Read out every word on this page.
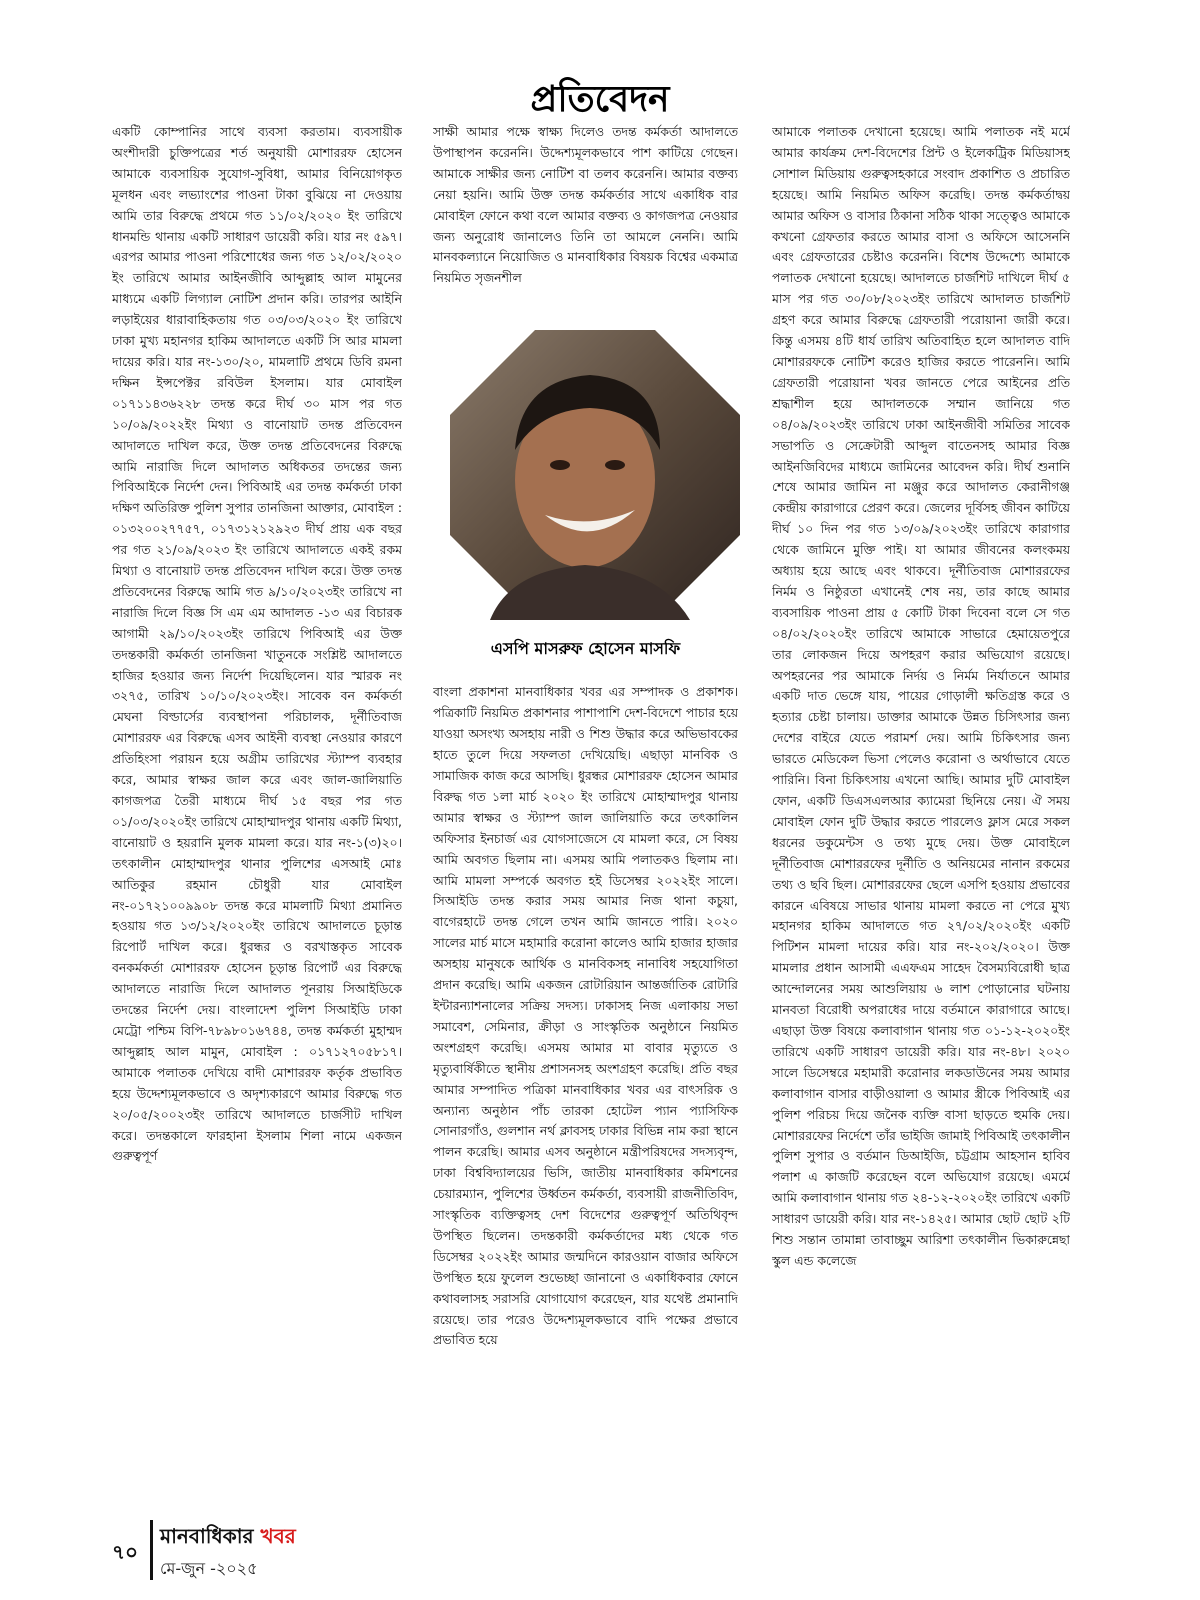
প্রতিবেদন

একটি কোম্পানির সাথে ব্যবসা করতাম। ব্যবসায়ীক অংশীদারী চুক্তিপত্রের শর্ত অনুযায়ী মোশাররফ হোসেন আমাকে ব্যবসায়িক সুযোগ-সুবিধা, আমার বিনিয়োগকৃত মূলধন এবং লভ্যাংশের পাওনা টাকা বুঝিয়ে না দেওয়ায় আমি তার বিরুদ্ধে প্রথমে গত ১১/০২/২০২০ ইং তারিখে ধানমন্ডি থানায় একটি সাধারণ ডায়েরী করি। যার নং ৫৯৭। এরপর আমার পাওনা পরিশোধের জন্য গত ১২/০২/২০২০ ইং তারিখে আমার আইনজীবি আব্দুল্লাহ আল মামুনের মাধ্যমে একটি লিগ্যাল নোটিশ প্রদান করি। তারপর আইনি লড়াইয়ের ধারাবাহিকতায় গত ০৩/০৩/২০২০ ইং তারিখে ঢাকা মুখ্য মহানগর হাকিম আদালতে একটি সি আর মামলা দায়ের করি। যার নং-১৩০/২০, মামলাটি প্রথমে ডিবি রমনা দক্ষিন ইন্সপেক্টর রবিউল ইসলাম। যার মোবাইল ০১৭১১৪৩৬২২৮ তদন্ত করে দীর্ঘ ৩০ মাস পর গত ১০/০৯/২০২২ইং মিথ্যা ও বানোয়াট তদন্ত প্রতিবেদন আদালতে দাখিল করে, উক্ত তদন্ত প্রতিবেদনের বিরুদ্ধে আমি নারাজি দিলে আদালত অধিকতর তদন্তের জন্য পিবিআইকে নির্দেশ দেন। পিবিআই এর তদন্ত কর্মকর্তা ঢাকা দক্ষিণ অতিরিক্ত পুলিশ সুপার তানজিনা আক্তার, মোবাইল : ০১৩২০০২৭৭৫৭, ০১৭৩১২১২৯২৩ দীর্ঘ প্রায় এক বছর পর গত ২১/০৯/২০২৩ ইং তারিখে আদালতে একই রকম মিথ্যা ও বানোয়াট তদন্ত প্রতিবেদন দাখিল করে। উক্ত তদন্ত প্রতিবেদনের বিরুদ্ধে আমি গত ৯/১০/২০২৩ইং তারিখে না নারাজি দিলে বিজ্ঞ সি এম এম আদালত -১৩ এর বিচারক আগামী ২৯/১০/২০২৩ইং তারিখে পিবিআই এর উক্ত তদন্তকারী কর্মকর্তা তানজিনা খাতুনকে সংশ্লিষ্ট আদালতে হাজির হওয়ার জন্য নির্দেশ দিয়েছিলেন। যার স্মারক নং ৩২৭৫, তারিখ ১০/১০/২০২৩ইং। সাবেক বন কর্মকর্তা মেঘনা বিল্ডার্সের ব্যবস্থাপনা পরিচালক, দূর্নীতিবাজ মোশাররফ এর বিরুদ্ধে এসব আইনী ব্যবস্থা নেওয়ার কারণে প্রতিহিংসা পরায়ন হয়ে অগ্রীম তারিখের স্ট্যাম্প ব্যবহার করে, আমার স্বাক্ষর জাল করে এবং জাল-জালিয়াতি কাগজপত্র তৈরী মাধ্যমে দীর্ঘ ১৫ বছর পর গত ০১/০৩/২০২০ইং তারিখে মোহাম্মাদপুর থানায় একটি মিথ্যা, বানোয়াট ও হয়রানি মুলক মামলা করে। যার নং-১(৩)২০। তৎকালীন মোহাম্মাদপুর থানার পুলিশের এসআই মোঃ আতিকুর রহমান চৌধুরী যার মোবাইল নং-০১৭২১০০৯৯০৮ তদন্ত করে মামলাটি মিথ্যা প্রমানিত হওয়ায় গত ১৩/১২/২০২০ইং তারিখে আদালতে চূড়ান্ত রিপোর্ট দাখিল করে। ধুরন্ধর ও বরখাস্তকৃত সাবেক বনকর্মকর্তা মোশাররফ হোসেন চূড়ান্ত রিপোর্ট এর বিরুদ্ধে আদালতে নারাজি দিলে আদালত পূনরায় সিআইডিকে তদন্তের নির্দেশ দেয়। বাংলাদেশ পুলিশ সিআইডি ঢাকা মেট্রো পশ্চিম বিপি-৭৮৯৮০১৬৭৪৪, তদন্ত কর্মকর্তা মুহাম্মদ আব্দুল্লাহ আল মামুন, মোবাইল : ০১৭১২৭০৫৮১৭। আমাকে পলাতক দেখিয়ে বাদী মোশাররফ কর্তৃক প্রভাবিত হয়ে উদ্দেশ্যমূলকভাবে ও অদৃশ্যকারণে আমার বিরুদ্ধে গত ২০/০৫/২০০২৩ইং তারিখে আদালতে চার্জসীট দাখিল করে। তদন্তকালে ফারহানা ইসলাম শিলা নামে একজন গুরুত্বপূর্ণ

সাক্ষী আমার পক্ষে স্বাক্ষ্য দিলেও তদন্ত কর্মকর্তা আদালতে উপাস্থাপন করেননি। উদ্দেশ্যমূলকভাবে পাশ কাটিয়ে গেছেন। আমাকে সাক্ষীর জন্য নোটিশ বা তলব করেননি। আমার বক্তব্য নেয়া হয়নি। আমি উক্ত তদন্ত কর্মকর্তার সাথে একাধিক বার মোবাইল ফোনে কথা বলে আমার বক্তব্য ও কাগজপত্র নেওয়ার জন্য অনুরোধ জানালেও তিনি তা আমলে নেননি। আমি মানবকল্যানে নিয়োজিত ও মানবাধিকার বিষয়ক বিশ্বের একমাত্র নিয়মিত সৃজনশীল

এসপি মাসরুফ হোসেন মাসফি

বাংলা প্রকাশনা মানবাধিকার খবর এর সম্পাদক ও প্রকাশক। পত্রিকাটি নিয়মিত প্রকাশনার পাশাপাশি দেশ-বিদেশে পাচার হয়ে যাওয়া অসংখ্য অসহায় নারী ও শিশু উদ্ধার করে অভিভাবকের হাতে তুলে দিয়ে সফলতা দেখিয়েছি। এছাড়া মানবিক ও সামাজিক কাজ করে আসছি। ধুরন্ধর মোশাররফ হোসেন আমার বিরুদ্ধ গত ১লা মার্চ ২০২০ ইং তারিখে মোহাম্মাদপুর থানায় আমার স্বাক্ষর ও স্ট্যাম্প জাল জালিয়াতি করে তৎকালিন অফিসার ইনচার্জ এর যোগসাজেসে যে মামলা করে, সে বিষয় আমি অবগত ছিলাম না। এসময় আমি পলাতকও ছিলাম না। আমি মামলা সম্পর্কে অবগত হই ডিসেম্বর ২০২২ইং সালে। সিআইডি তদন্ত করার সময় আমার নিজ থানা কচুয়া, বাগেরহাটে তদন্ত গেলে তখন আমি জানতে পারি। ২০২০ সালের মার্চ মাসে মহামারি করোনা কালেও আমি হাজার হাজার অসহায় মানুষকে আর্থিক ও মানবিকসহ নানাবিধ সহযোগিতা প্রদান করেছি। আমি একজন রোটারিয়ান আন্তর্জাতিক রোটারি ইন্টারন্যাশনালের সক্রিয় সদস্য। ঢাকাসহ নিজ এলাকায় সভা সমাবেশ, সেমিনার, ক্রীড়া ও সাংস্কৃতিক অনুষ্ঠানে নিয়মিত অংশগ্রহণ করেছি। এসময় আমার মা বাবার মৃত্যুতে ও মৃত্যুবার্ষিকীতে স্থানীয় প্রশাসনসহ অংশগ্রহণ করেছি। প্রতি বছর আমার সম্পাদিত পত্রিকা মানবাধিকার খবর এর বাৎসরিক ও অন্যান্য অনুষ্ঠান পাঁচ তারকা হোটেল প্যান প্যাসিফিক সোনারগাঁও, গুলশান নর্থ ক্লাবসহ ঢাকার বিভিন্ন নাম করা স্থানে পালন করেছি। আমার এসব অনুষ্ঠানে মন্ত্রীপরিষদের সদস্যবৃন্দ, ঢাকা বিশ্ববিদ্যালয়ের ভিসি, জাতীয় মানবাধিকার কমিশনের চেয়ারম্যান, পুলিশের উর্ধ্বতন কর্মকর্তা, ব্যবসায়ী রাজনীতিবিদ, সাংস্কৃতিক ব্যক্তিত্বসহ দেশ বিদেশের গুরুত্বপূর্ণ অতিথিবৃন্দ উপস্থিত ছিলেন। তদন্তকারী কর্মকর্তাদের মধ্য থেকে গত ডিসেম্বর ২০২২ইং আমার জন্মদিনে কারওয়ান বাজার অফিসে উপস্থিত হয়ে ফুলেল শুভেচ্ছা জানানো ও একাধিকবার ফোনে কথাবলাসহ সরাসরি যোগাযোগ করেছেন, যার যথেষ্ট প্রমানাদি রয়েছে। তার পরেও উদ্দেশ্যমূলকভাবে বাদি পক্ষের প্রভাবে প্রভাবিত হয়ে

আমাকে পলাতক দেখানো হয়েছে। আমি পলাতক নই মর্মে আমার কার্যক্রম দেশ-বিদেশের প্রিন্ট ও ইলেকট্রিক মিডিয়াসহ সোশাল মিডিয়ায় গুরুত্বসহকারে সংবাদ প্রকাশিত ও প্রচারিত হয়েছে। আমি নিয়মিত অফিস করেছি। তদন্ত কর্মকর্তাদ্বয় আমার অফিস ও বাসার ঠিকানা সঠিক থাকা সত্ত্বেও আমাকে কখনো গ্রেফতার করতে আমার বাসা ও অফিসে আসেননি এবং গ্রেফতারের চেষ্টাও করেননি। বিশেষ উদ্দেশ্যে আমাকে পলাতক দেখানো হয়েছে। আদালতে চার্জশিট দাখিলে দীর্ঘ ৫ মাস পর গত ৩০/০৮/২০২৩ইং তারিখে আদালত চার্জশিট গ্রহণ করে আমার বিরুদ্ধে গ্রেফতারী পরোয়ানা জারী করে। কিন্তু এসময় ৪টি ধার্য তারিখ অতিবাহিত হলে আদালত বাদি মোশাররফকে নোটিশ করেও হাজির করতে পারেননি। আমি গ্রেফতারী পরোয়ানা খবর জানতে পেরে আইনের প্রতি শ্রদ্ধাশীল হয়ে আদালতকে সম্মান জানিয়ে গত ০৪/০৯/২০২৩ইং তারিখে ঢাকা আইনজীবী সমিতির সাবেক সভাপতি ও সেক্রেটারী আব্দুল বাতেনসহ আমার বিজ্ঞ আইনজিবিদের মাধ্যমে জামিনের আবেদন করি। দীর্ঘ শুনানি শেষে আমার জামিন না মঞ্জুর করে আদালত কেরানীগঞ্জ কেন্দ্রীয় কারাগারে প্রেরণ করে। জেলের দূর্বিসহ জীবন কাটিয়ে দীর্ঘ ১০ দিন পর গত ১৩/০৯/২০২৩ইং তারিখে কারাগার থেকে জামিনে মুক্তি পাই। যা আমার জীবনের কলংকময় অধ্যায় হয়ে আছে এবং থাকবে। দূর্নীতিবাজ মোশাররফের নির্মম ও নিষ্ঠুরতা এখানেই শেষ নয়, তার কাছে আমার ব্যবসায়িক পাওনা প্রায় ৫ কোটি টাকা দিবেনা বলে সে গত ০৪/০২/২০২০ইং তারিখে আমাকে সাভারে হেমায়েতপুরে তার লোকজন দিয়ে অপহরণ করার অভিযোগ রয়েছে। অপহরনের পর আমাকে নির্দয় ও নির্মম নির্যাতনে আমার একটি দাত ভেঙ্গে যায়, পায়ের গোড়ালী ক্ষতিগ্রস্ত করে ও হত্যার চেষ্টা চালায়। ডাক্তার আমাকে উন্নত চিসিৎসার জন্য দেশের বাইরে যেতে পরামর্শ দেয়। আমি চিকিৎসার জন্য ভারতে মেডিকেল ভিসা পেলেও করোনা ও অর্থাভাবে যেতে পারিনি। বিনা চিকিৎসায় এখনো আছি। আমার দুটি মোবাইল ফোন, একটি ডিএসএলআর ক্যামেরা ছিনিয়ে নেয়। ঐ সময় মোবাইল ফোন দুটি উদ্ধার করতে পারলেও ফ্লাস মেরে সকল ধরনের ডকুমেন্টস ও তথ্য মুছে দেয়। উক্ত মোবাইলে দূর্নীতিবাজ মোশাররফের দূর্নীতি ও অনিয়মের নানান রকমের তথ্য ও ছবি ছিল। মোশাররফের ছেলে এসপি হওয়ায় প্রভাবের কারনে এবিষয়ে সাভার থানায় মামলা করতে না পেরে মুখ্য মহানগর হাকিম আদালতে গত ২৭/০২/২০২০ইং একটি পিটিশন মামলা দায়ের করি। যার নং-২০২/২০২০। উক্ত মামলার প্রধান আসামী এএফএম সাহেদ বৈসম্যবিরোধী ছাত্র আন্দোলনের সময় আশুলিয়ায় ৬ লাশ পোড়ানোর ঘটনায় মানবতা বিরোধী অপরাধের দায়ে বর্তমানে কারাগারে আছে। এছাড়া উক্ত বিষয়ে কলাবাগান থানায় গত ০১-১২-২০২০ইং তারিখে একটি সাধারণ ডায়েরী করি। যার নং-৪৮। ২০২০ সালে ডিসেম্বরে মহামারী করোনার লকডাউনের সময় আমার কলাবাগান বাসার বাড়ীওয়ালা ও আমার স্ত্রীকে পিবিআই এর পুলিশ পরিচয় দিয়ে জনৈক ব্যক্তি বাসা ছাড়তে হুমকি দেয়। মোশাররফের নির্দেশে তাঁর ভাইজি জামাই পিবিআই তৎকালীন পুলিশ সুপার ও বর্তমান ডিআইজি, চট্টগ্রাম আহসান হাবিব পলাশ এ কাজটি করেছেন বলে অভিযোগ রয়েছে। এমর্মে আমি কলাবাগান থানায় গত ২৪-১২-২০২০ইং তারিখে একটি সাধারণ ডায়েরী করি। যার নং-১৪২৫। আমার ছোট ছোট ২টি শিশু সন্তান তামান্না তাবাচ্ছুম আরিশা তৎকালীন ভিকারুন্নেছা স্কুল এন্ড কলেজে

৭০
মানবাধিকার খবর
মে-জুন -২০২৫
